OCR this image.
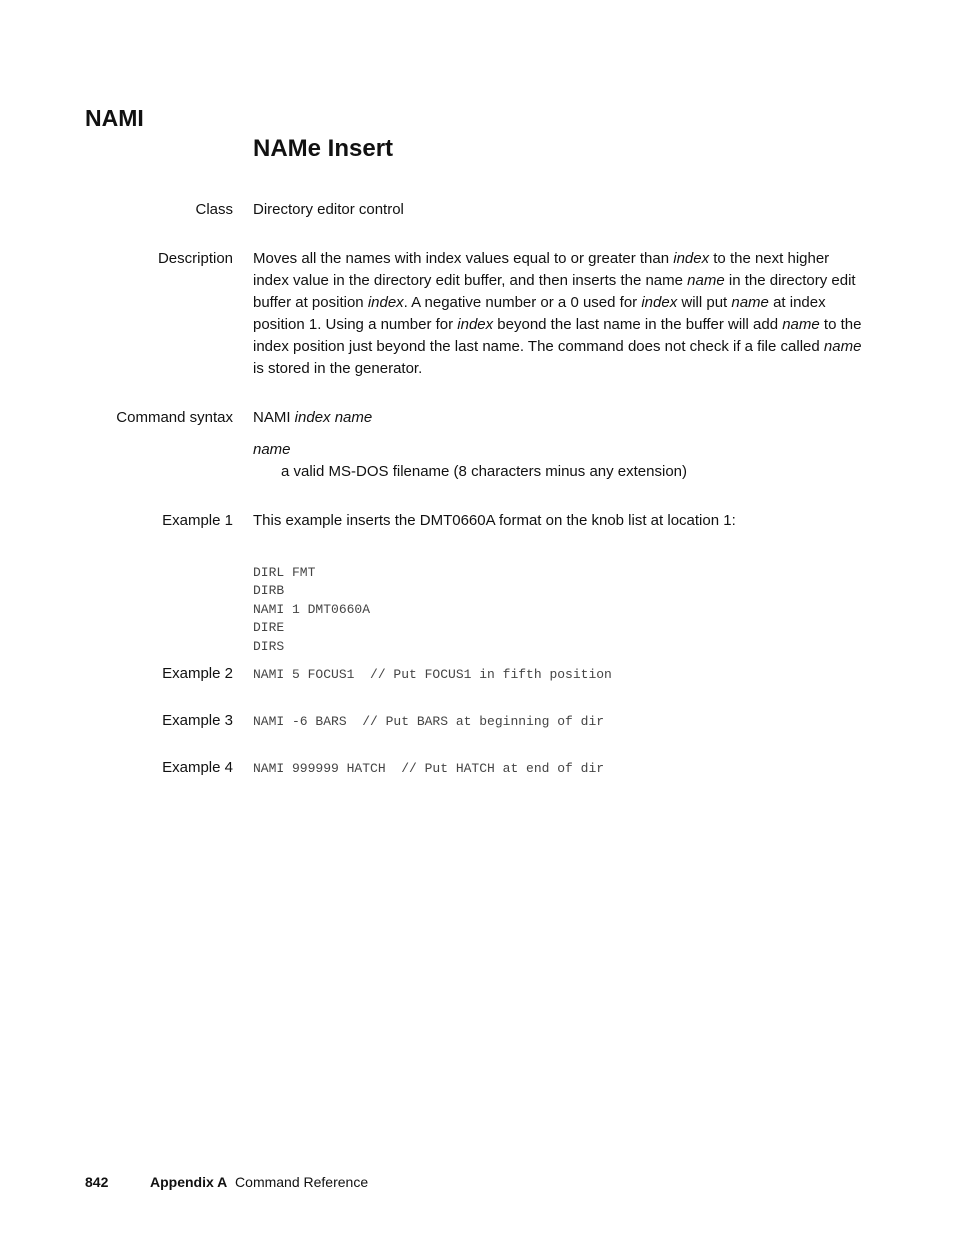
NAMI
NAMe Insert
Class Directory editor control
Description Moves all the names with index values equal to or greater than index to the next higher index value in the directory edit buffer, and then inserts the name name in the directory edit buffer at position index. A negative number or a 0 used for index will put name at index position 1. Using a number for index beyond the last name in the buffer will add name to the index position just beyond the last name. The command does not check if a file called name is stored in the generator.
Command syntax NAMI index name
name
a valid MS-DOS filename (8 characters minus any extension)
Example 1 This example inserts the DMT0660A format on the knob list at location 1:

DIRL FMT
DIRB
NAMI 1 DMT0660A
DIRE
DIRS
Example 2 NAMI 5 FOCUS1  // Put FOCUS1 in fifth position
Example 3 NAMI -6 BARS  // Put BARS at beginning of dir
Example 4 NAMI 999999 HATCH  // Put HATCH at end of dir
842	Appendix A Command Reference
